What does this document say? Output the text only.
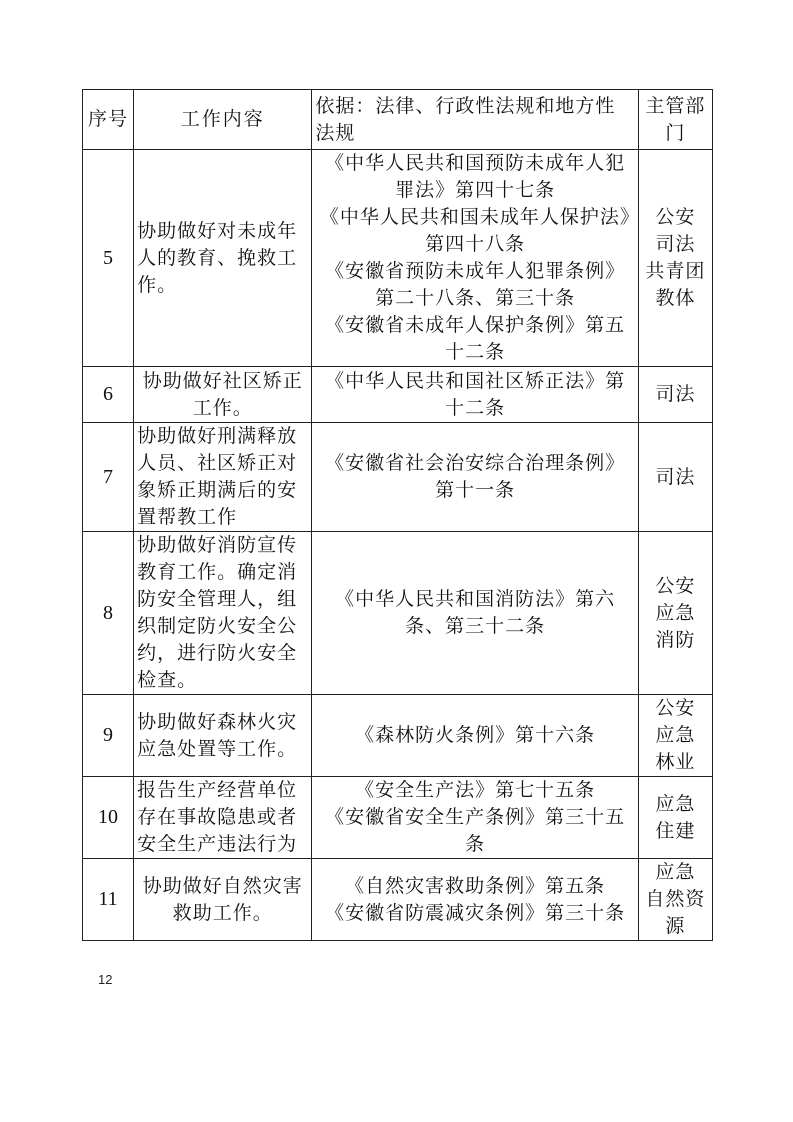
序号	工作内容	依据：法律、行政性法规和地方性法规	主管部门
5	协助做好对未成年人的教育、挽救工作。	《中华人民共和国预防未成年人犯罪法》第四十七条
《中华人民共和国未成年人保护法》第四十八条
《安徽省预防未成年人犯罪条例》第二十八条、第三十条
《安徽省未成年人保护条例》第五十二条	公安
司法
共青团
教体

6	协助做好社区矫正工作。	《中华人民共和国社区矫正法》第十二条	司法

7	协助做好刑满释放人员、社区矫正对象矫正期满后的安置帮教工作	《安徽省社会治安综合治理条例》第十一条	司法

8	协助做好消防宣传教育工作。确定消防安全管理人，组织制定防火安全公约，进行防火安全检查。	《中华人民共和国消防法》第六条、第三十二条	公安
应急
消防

9	协助做好森林火灾应急处置等工作。	《森林防火条例》第十六条	公安
应急
林业

10	报告生产经营单位存在事故隐患或者安全生产违法行为	《安全生产法》第七十五条
《安徽省安全生产条例》第三十五条	应急
住建

11	协助做好自然灾害救助工作。	《自然灾害救助条例》第五条
《安徽省防震减灾条例》第三十条	应急
自然资源
12
